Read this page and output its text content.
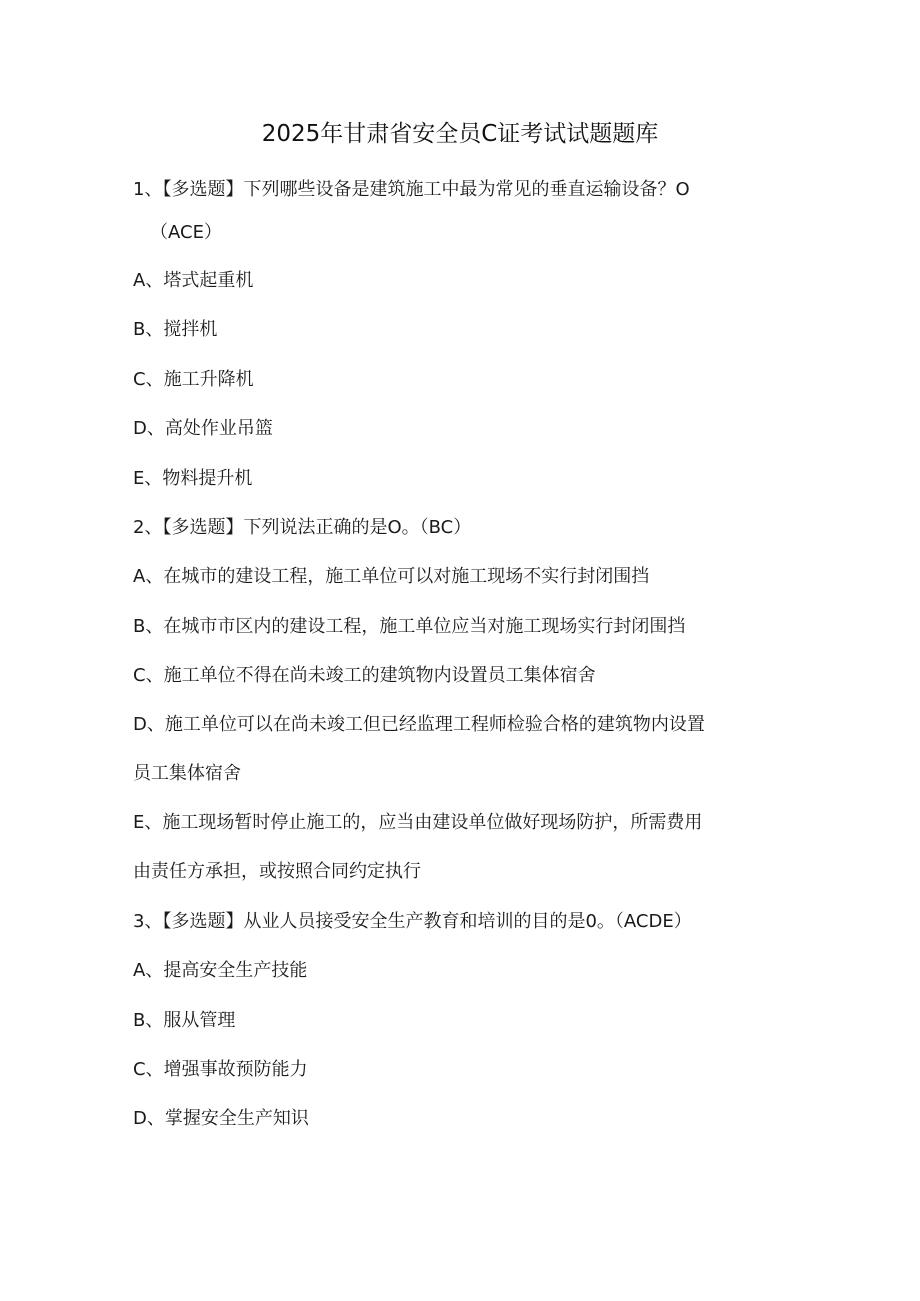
2025年甘肃省安全员C证考试试题题库
1、【多选题】下列哪些设备是建筑施工中最为常见的垂直运输设备？O
（ACE）
A、塔式起重机
B、搅拌机
C、施工升降机
D、高处作业吊篮
E、物料提升机
2、【多选题】下列说法正确的是O。（BC）
A、在城市的建设工程，施工单位可以对施工现场不实行封闭围挡
B、在城市市区内的建设工程，施工单位应当对施工现场实行封闭围挡
C、施工单位不得在尚未竣工的建筑物内设置员工集体宿舍
D、施工单位可以在尚未竣工但已经监理工程师检验合格的建筑物内设置
员工集体宿舍
E、施工现场暂时停止施工的，应当由建设单位做好现场防护，所需费用
由责任方承担，或按照合同约定执行
3、【多选题】从业人员接受安全生产教育和培训的目的是0。（ACDE）
A、提高安全生产技能
B、服从管理
C、增强事故预防能力
D、掌握安全生产知识
